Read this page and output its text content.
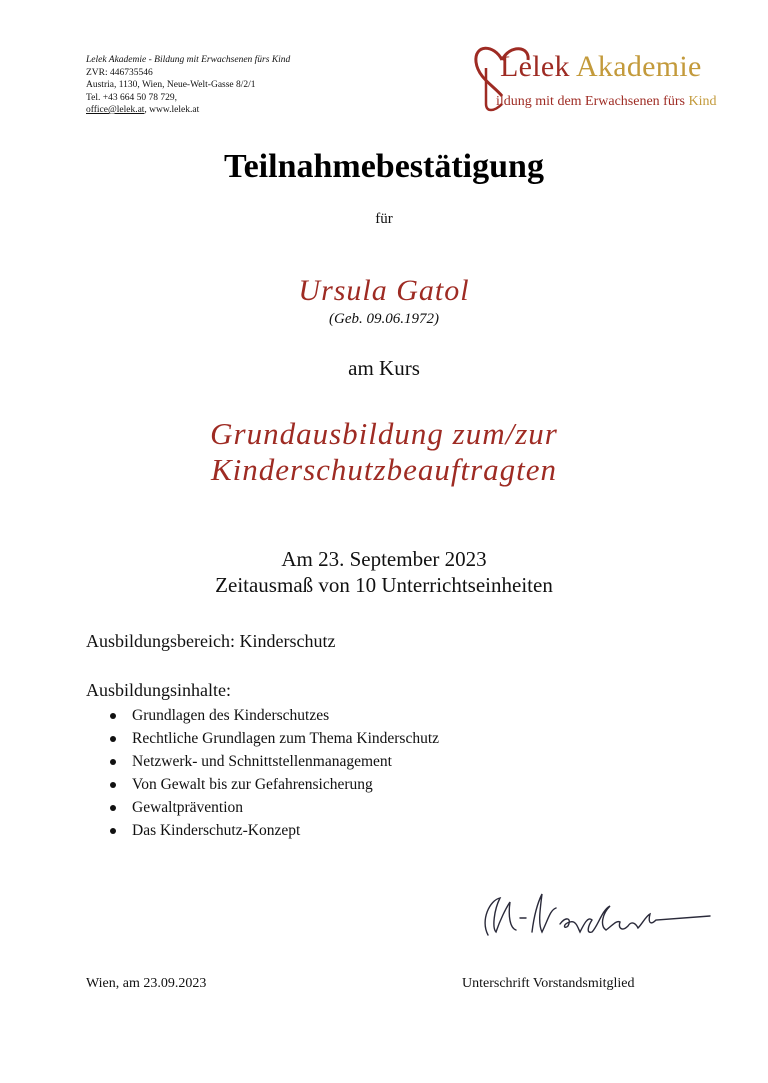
Lelek Akademie - Bildung mit Erwachsenen fürs Kind
ZVR: 446735546
Austria, 1130, Wien, Neue-Welt-Gasse 8/2/1
Tel. +43 664 50 78 729,
office@lelek.at, www.lelek.at
Lelek Akademie
ildung mit dem Erwachsenen fürs Kind
Teilnahmebestätigung
für
Ursula Gatol
(Geb. 09.06.1972)
am Kurs
Grundausbildung zum/zur
Kinderschutzbeauftragten
Am 23. September 2023
Zeitausmaß von 10 Unterrichtseinheiten
Ausbildungsbereich: Kinderschutz
Ausbildungsinhalte:
Grundlagen des Kinderschutzes
Rechtliche Grundlagen zum Thema Kinderschutz
Netzwerk- und Schnittstellenmanagement
Von Gewalt bis zur Gefahrensicherung
Gewaltprävention
Das Kinderschutz-Konzept
Wien, am 23.09.2023	Unterschrift Vorstandsmitglied
